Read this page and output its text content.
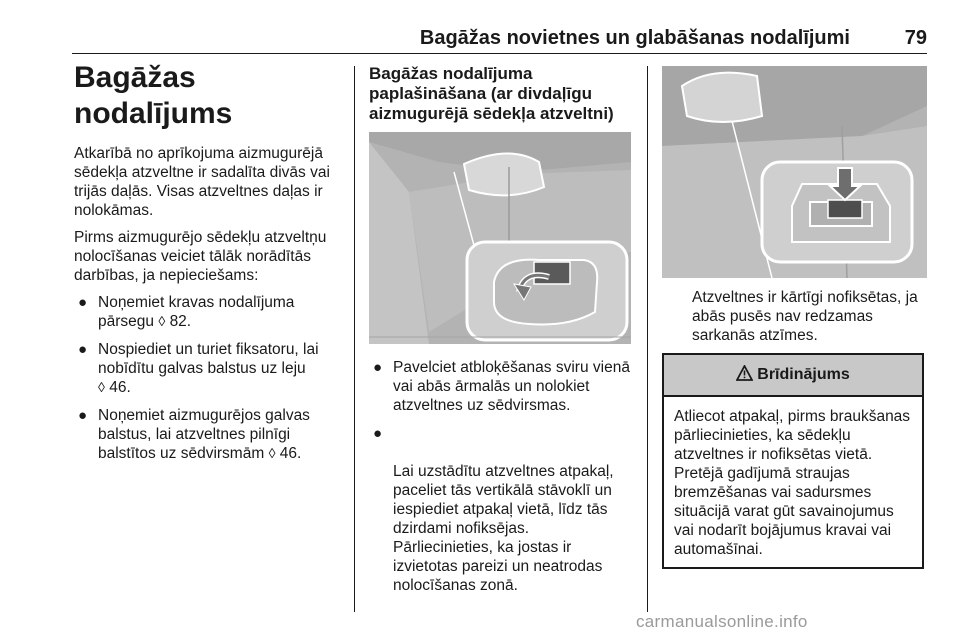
Bagāžas novietnes un glabāšanas nodalījumi	79
Bagāžas nodalījums

Atkarībā no aprīkojuma aizmugurējā sēdekļa atzveltne ir sadalīta divās vai trijās daļās. Visas atzveltnes daļas ir nolokāmas.

Pirms aizmugurējo sēdekļu atzveltņu nolocīšanas veiciet tālāk norādītās darbības, ja nepieciešams:

● Noņemiet kravas nodalījuma pārsegu ◊ 82.
● Nospiediet un turiet fiksatoru, lai nobīdītu galvas balstus uz leju
◊ 46.
● Noņemiet aizmugurējos galvas balstus, lai atzveltnes pilnīgi balstītos uz sēdvirsmām ◊ 46.
Bagāžas nodalījuma paplašināšana (ar divdaļīgu aizmugurējā sēdekļa atzveltni)
● Pavelciet atbloķēšanas sviru vienā vai abās ārmalās un nolokiet atzveltnes uz sēdvirsmas.

●

Lai uzstādītu atzveltnes atpakaļ, paceliet tās vertikālā stāvoklī un iespiediet atpakaļ vietā, līdz tās dzirdami nofiksējas.
Pārliecinieties, ka jostas ir izvietotas pareizi un neatrodas nolocīšanas zonā.

Atzveltnes ir kārtīgi nofiksētas, ja abās pusēs nav redzamas sarkanās atzīmes.

Brīdinājums

Atliecot atpakaļ, pirms braukšanas pārliecinieties, ka sēdekļu atzveltnes ir nofiksētas vietā. Pretējā gadījumā straujas bremzēšanas vai sadursmes situācijā varat gūt savainojumus vai nodarīt bojājumus kravai vai automašīnai.

carmanualsonline.info
